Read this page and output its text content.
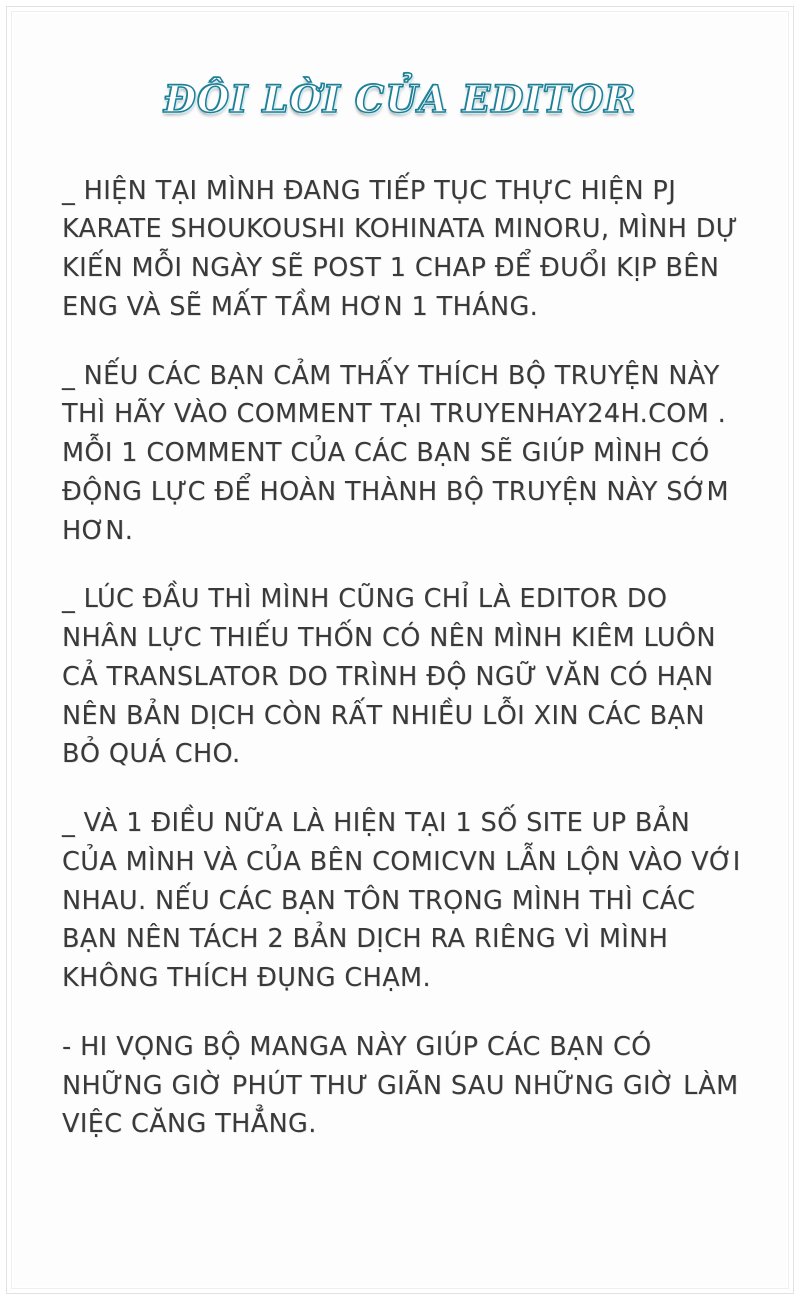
ĐÔI LỜI CỦA EDITOR

_ HIỆN TẠI MÌNH ĐANG TIẾP TỤC THỰC HIỆN PJ KARATE SHOUKOUSHI KOHINATA MINORU, MÌNH DỰ KIẾN MỖI NGÀY SẼ POST 1 CHAP ĐỂ ĐUỔI KỊP BÊN ENG VÀ SẼ MẤT TẦM HƠN 1 THÁNG.

_ NẾU CÁC BẠN CẢM THẤY THÍCH BỘ TRUYỆN NÀY THÌ HÃY VÀO COMMENT TẠI TRUYENHAY24H.COM . MỖI 1 COMMENT CỦA CÁC BẠN SẼ GIÚP MÌNH CÓ ĐỘNG LỰC ĐỂ HOÀN THÀNH BỘ TRUYỆN NÀY SỚM HƠN.

_ LÚC ĐẦU THÌ MÌNH CŨNG CHỈ LÀ EDITOR DO NHÂN LỰC THIẾU THỐN CÓ NÊN MÌNH KIÊM LUÔN CẢ TRANSLATOR DO TRÌNH ĐỘ NGỮ VĂN CÓ HẠN NÊN BẢN DỊCH CÒN RẤT NHIỀU LỖI XIN CÁC BẠN BỎ QUÁ CHO.

_ VÀ 1 ĐIỀU NỮA LÀ HIỆN TẠI 1 SỐ SITE UP BẢN CỦA MÌNH VÀ CỦA BÊN COMICVN LẪN LỘN VÀO VỚI NHAU. NẾU CÁC BẠN TÔN TRỌNG MÌNH THÌ CÁC BẠN NÊN TÁCH 2 BẢN DỊCH RA RIÊNG VÌ MÌNH KHÔNG THÍCH ĐỤNG CHẠM.

- HI VỌNG BỘ MANGA NÀY GIÚP CÁC BẠN CÓ NHỮNG GIỜ PHÚT THƯ GIÃN SAU NHỮNG GIỜ LÀM VIỆC CĂNG THẲNG.
